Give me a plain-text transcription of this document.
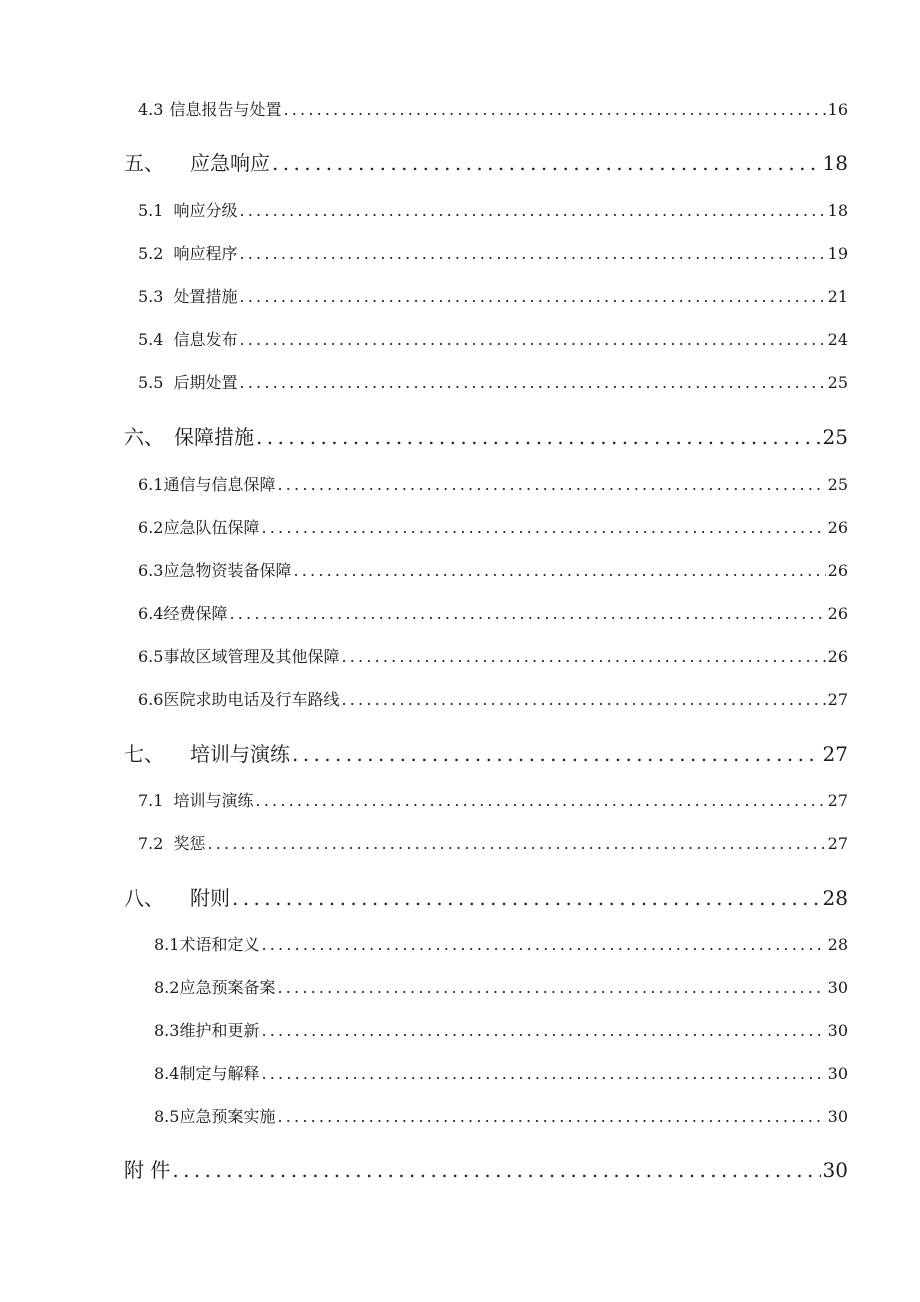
4.3 信息报告与处置 .....	16
五、 应急响应 .....	18
5.1 响应分级 .....	18
5.2 响应程序 .....	19
5.3 处置措施 .....	21
5.4 信息发布 .....	24
5.5 后期处置 .....	25
六、 保障措施 .....	25
6.1 通信与信息保障 .....	25
6.2 应急队伍保障 .....	26
6.3 应急物资装备保障 .....	26
6.4 经费保障 .....	26
6.5 事故区域管理及其他保障 .....	26
6.6 医院求助电话及行车路线 .....	27
七、 培训与演练 .....	27
7.1 培训与演练 .....	27
7.2 奖惩 .....	27
八、 附则 .....	28
8.1 术语和定义 .....	28
8.2 应急预案备案 .....	30
8.3 维护和更新 .....	30
8.4 制定与解释 .....	30
8.5 应急预案实施 .....	30
附 件 .....	30
